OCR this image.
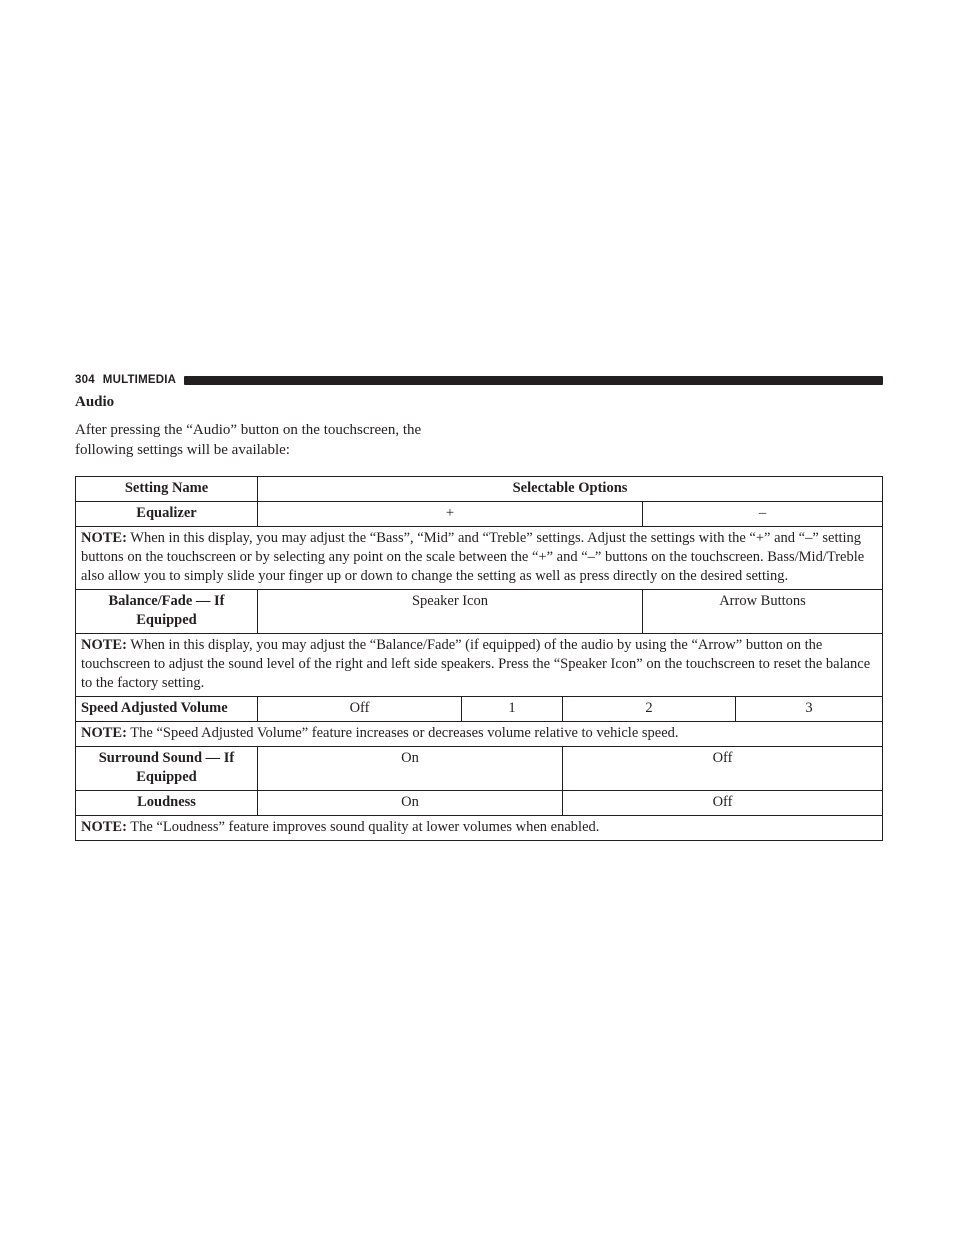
304 MULTIMEDIA
Audio
After pressing the “Audio” button on the touchscreen, the following settings will be available:
Setting Name	Selectable Options				
Equalizer	+			–	
NOTE: When in this display, you may adjust the “Bass”, “Mid” and “Treble” settings. Adjust the settings with the “+” and “–” setting buttons on the touchscreen or by selecting any point on the scale between the “+” and “–” buttons on the touchscreen. Bass/Mid/Treble also allow you to simply slide your finger up or down to change the setting as well as press directly on the desired setting.					
Balance/Fade — If Equipped	Speaker Icon			Arrow Buttons	
NOTE: When in this display, you may adjust the “Balance/Fade” (if equipped) of the audio by using the “Arrow” button on the touchscreen to adjust the sound level of the right and left side speakers. Press the “Speaker Icon” on the touchscreen to reset the balance to the factory setting.					
Speed Adjusted Volume	Off	1	2		3
NOTE: The “Speed Adjusted Volume” feature increases or decreases volume relative to vehicle speed.					
Surround Sound — If Equipped	On		Off		
Loudness	On		Off		
NOTE: The “Loudness” feature improves sound quality at lower volumes when enabled.					
